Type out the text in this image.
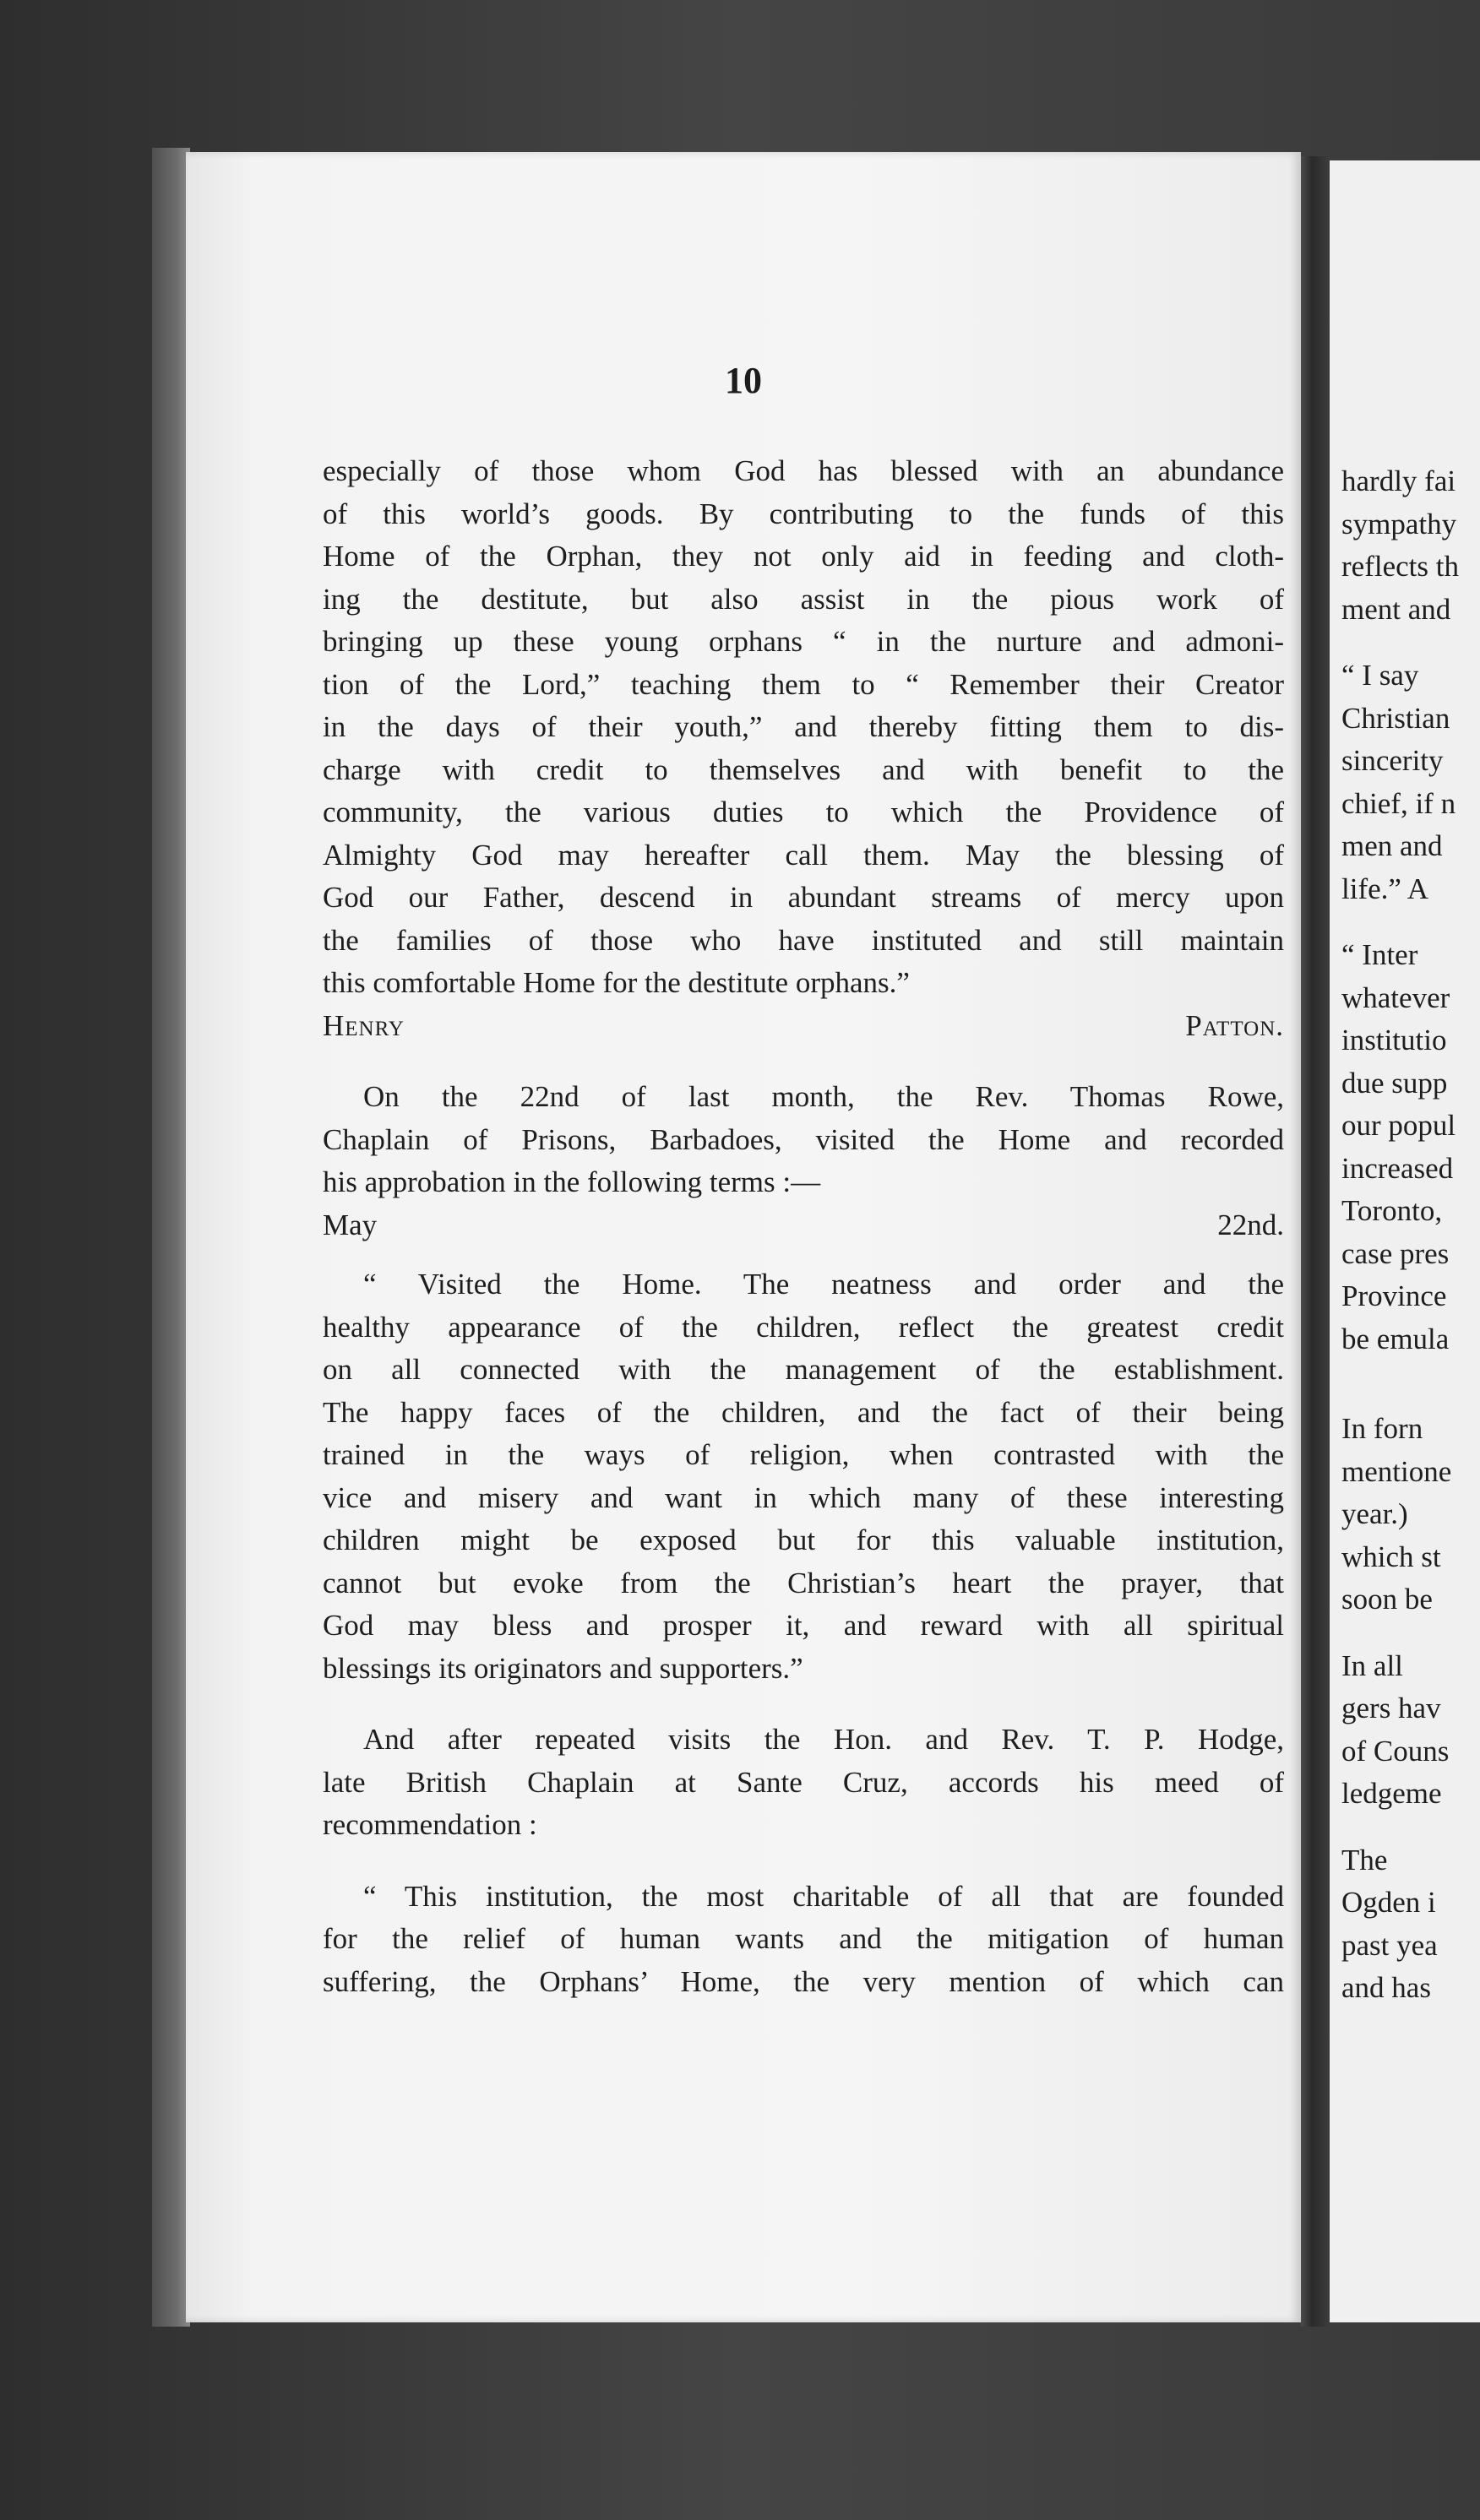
10

especially of those whom God has blessed with an abundance

of this world’s goods. By contributing to the funds of this

Home of the Orphan, they not only aid in feeding and cloth-

ing the destitute, but also assist in the pious work of

bringing up these young orphans “ in the nurture and admoni-

tion of the Lord,” teaching them to “ Remember their Creator

in the days of their youth,” and thereby fitting them to dis-

charge with credit to themselves and with benefit to the

community, the various duties to which the Providence of

Almighty God may hereafter call them. May the blessing of

God our Father, descend in abundant streams of mercy upon

the families of those who have instituted and still maintain

this comfortable Home for the destitute orphans.”

Henry Patton.

On the 22nd of last month, the Rev. Thomas Rowe,

Chaplain of Prisons, Barbadoes, visited the Home and recorded

his approbation in the following terms :—

May 22nd.

“ Visited the Home. The neatness and order and the

healthy appearance of the children, reflect the greatest credit

on all connected with the management of the establishment.

The happy faces of the children, and the fact of their being

trained in the ways of religion, when contrasted with the

vice and misery and want in which many of these interesting

children might be exposed but for this valuable institution,

cannot but evoke from the Christian’s heart the prayer, that

God may bless and prosper it, and reward with all spiritual

blessings its originators and supporters.”

And after repeated visits the Hon. and Rev. T. P. Hodge,

late British Chaplain at Sante Cruz, accords his meed of

recommendation :

“ This institution, the most charitable of all that are founded

for the relief of human wants and the mitigation of human

suffering, the Orphans’ Home, the very mention of which can

hardly fai
sympathy
reflects th
ment and
“ I say
Christian
sincerity
chief, if n
men and
life.” A
“ Inter
whatever
institutio
due supp
our popul
increased
Toronto,
case pres
Province
be emula
In forn
mentione
year.)
which st
soon be
In all
gers hav
of Couns
ledgeme
The
Ogden i
past yea
and has
